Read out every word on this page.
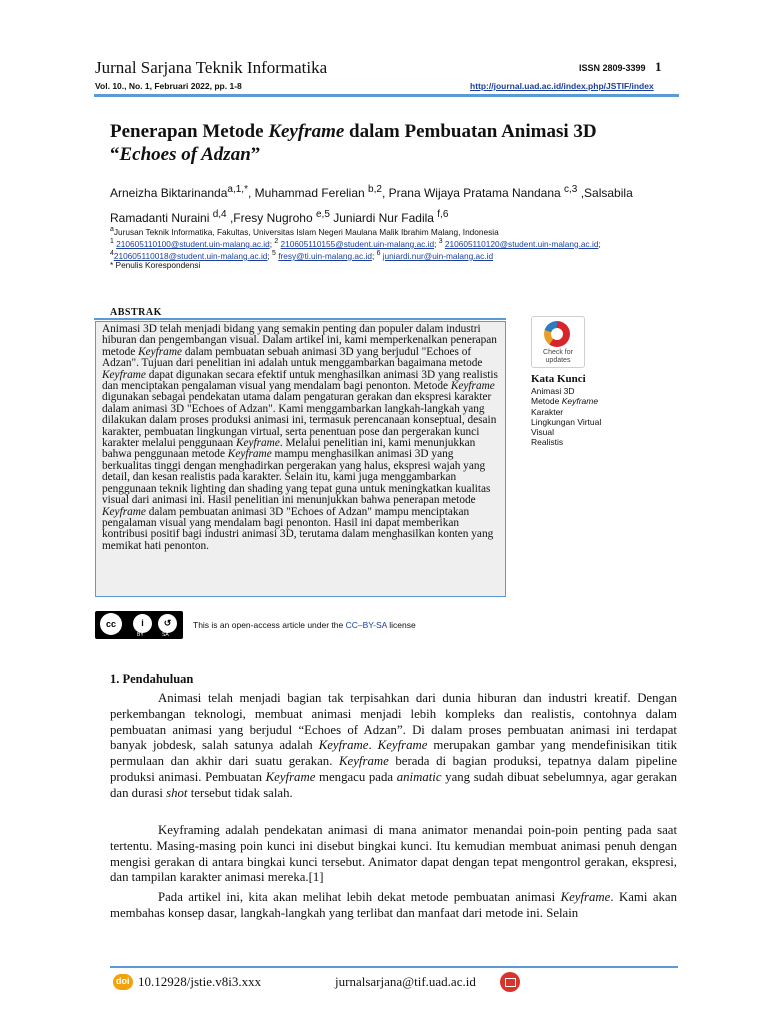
Jurnal Sarjana Teknik Informatika	ISSN 2809-3399 1
Vol. 10., No. 1, Februari 2022, pp. 1-8	http://journal.uad.ac.id/index.php/JSTIF/index
Penerapan Metode Keyframe dalam Pembuatan Animasi 3D
“Echoes of Adzan”
Arneizha Biktarinanda$^{a,1,*}$, Muhammad Ferelian $^{b,2}$, Prana Wijaya Pratama Nandana $^{c,3}$ ,Salsabila Ramadanti Nuraini $^{d,4}$ ,Fresy Nugroho $^{e,5}$ Juniardi Nur Fadila $^{f,6}$
$^a$Jurusan Teknik Informatika, Fakultas, Universitas Islam Negeri Maulana Malik Ibrahim Malang, Indonesia
$^1$ 210605110100@student.uin-malang.ac.id; $^2$ 210605110155@student.uin-malang.ac.id; $^3$ 210605110120@student.uin-malang.ac.id;
$^4$210605110018@student.uin-malang.ac.id; $^5$ fresy@ti.uin-malang.ac.id; $^6$ juniardi.nur@uin-malang.ac.id
* Penulis Korespondensi
ABSTRAK
Animasi 3D telah menjadi bidang yang semakin penting dan populer dalam industri hiburan dan pengembangan visual. Dalam artikel ini, kami memperkenalkan penerapan metode Keyframe dalam pembuatan sebuah animasi 3D yang berjudul "Echoes of Adzan". Tujuan dari penelitian ini adalah untuk menggambarkan bagaimana metode Keyframe dapat digunakan secara efektif untuk menghasilkan animasi 3D yang realistis dan menciptakan pengalaman visual yang mendalam bagi penonton. Metode Keyframe digunakan sebagai pendekatan utama dalam pengaturan gerakan dan ekspresi karakter dalam animasi 3D "Echoes of Adzan". Kami menggambarkan langkah-langkah yang dilakukan dalam proses produksi animasi ini, termasuk perencanaan konseptual, desain karakter, pembuatan lingkungan virtual, serta penentuan pose dan pergerakan kunci karakter melalui penggunaan Keyframe. Melalui penelitian ini, kami menunjukkan bahwa penggunaan metode Keyframe mampu menghasilkan animasi 3D yang berkualitas tinggi dengan menghadirkan pergerakan yang halus, ekspresi wajah yang detail, dan kesan realistis pada karakter. Selain itu, kami juga menggambarkan penggunaan teknik lighting dan shading yang tepat guna untuk meningkatkan kualitas visual dari animasi ini. Hasil penelitian ini menunjukkan bahwa penerapan metode Keyframe dalam pembuatan animasi 3D "Echoes of Adzan" mampu menciptakan pengalaman visual yang mendalam bagi penonton. Hasil ini dapat memberikan kontribusi positif bagi industri animasi 3D, terutama dalam menghasilkan konten yang memikat hati penonton.
Check for
updates
Kata Kunci
Animasi 3D
Metode Keyframe
Karakter
Lingkungan Virtual
Visual
Realistis
cc	i	↺
BY	SA
This is an open-access article under the CC–BY-SA license
1. Pendahuluan
Animasi telah menjadi bagian tak terpisahkan dari dunia hiburan dan industri kreatif. Dengan perkembangan teknologi, membuat animasi menjadi lebih kompleks dan realistis, contohnya dalam pembuatan animasi yang berjudul “Echoes of Adzan”. Di dalam proses pembuatan animasi ini terdapat banyak jobdesk, salah satunya adalah Keyframe. Keyframe merupakan gambar yang mendefinisikan titik permulaan dan akhir dari suatu gerakan. Keyframe berada di bagian produksi, tepatnya dalam pipeline produksi animasi. Pembuatan Keyframe mengacu pada animatic yang sudah dibuat sebelumnya, agar gerakan dan durasi shot tersebut tidak salah.
Keyframing adalah pendekatan animasi di mana animator menandai poin-poin penting pada saat tertentu. Masing-masing poin kunci ini disebut bingkai kunci. Itu kemudian membuat animasi penuh dengan mengisi gerakan di antara bingkai kunci tersebut. Animator dapat dengan tepat mengontrol gerakan, ekspresi, dan tampilan karakter animasi mereka.[1]
Pada artikel ini, kita akan melihat lebih dekat metode pembuatan animasi Keyframe. Kami akan membahas konsep dasar, langkah-langkah yang terlibat dan manfaat dari metode ini. Selain
doi 10.12928/jstie.v8i3.xxx	jurnalsarjana@tif.uad.ac.id
